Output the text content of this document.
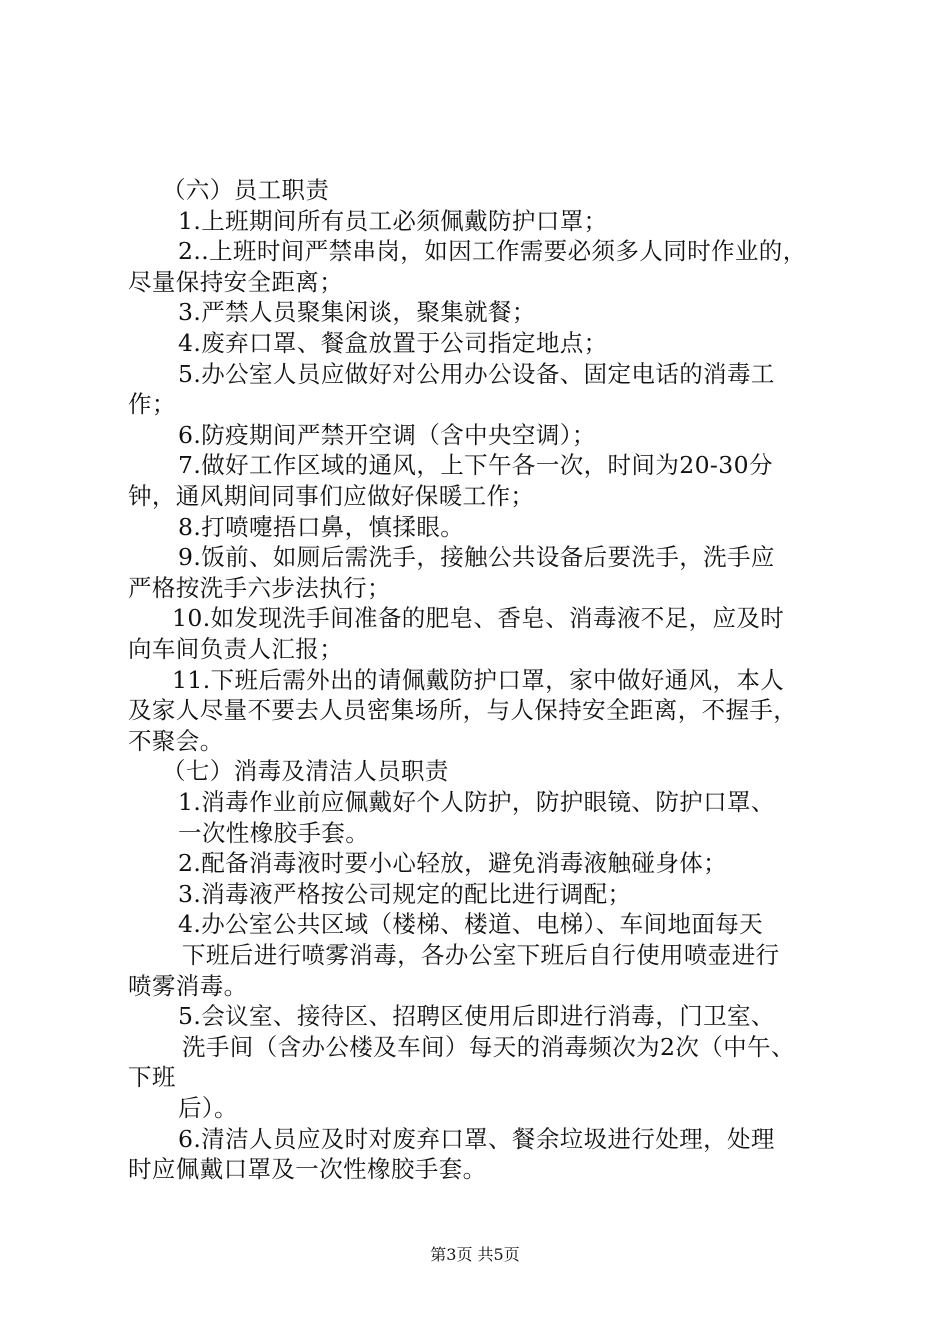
（六）员工职责
1.上班期间所有员工必须佩戴防护口罩；
2..上班时间严禁串岗，如因工作需要必须多人同时作业的，
尽量保持安全距离；
3.严禁人员聚集闲谈，聚集就餐；
4.废弃口罩、餐盒放置于公司指定地点；
5.办公室人员应做好对公用办公设备、固定电话的消毒工
作；
6.防疫期间严禁开空调（含中央空调）；
7.做好工作区域的通风，上下午各一次，时间为20-30分
钟，通风期间同事们应做好保暖工作；
8.打喷嚏捂口鼻，慎揉眼。
9.饭前、如厕后需洗手，接触公共设备后要洗手，洗手应
严格按洗手六步法执行；
10.如发现洗手间准备的肥皂、香皂、消毒液不足，应及时
向车间负责人汇报；
11.下班后需外出的请佩戴防护口罩，家中做好通风，本人
及家人尽量不要去人员密集场所，与人保持安全距离，不握手，
不聚会。
（七）消毒及清洁人员职责
1.消毒作业前应佩戴好个人防护，防护眼镜、防护口罩、
一次性橡胶手套。
2.配备消毒液时要小心轻放，避免消毒液触碰身体；
3.消毒液严格按公司规定的配比进行调配；
4.办公室公共区域（楼梯、楼道、电梯）、车间地面每天
下班后进行喷雾消毒，各办公室下班后自行使用喷壶进行
喷雾消毒。
5.会议室、接待区、招聘区使用后即进行消毒，门卫室、
洗手间（含办公楼及车间）每天的消毒频次为2次（中午、
下班
后）。
6.清洁人员应及时对废弃口罩、餐余垃圾进行处理，处理
时应佩戴口罩及一次性橡胶手套。
第3页 共5页
